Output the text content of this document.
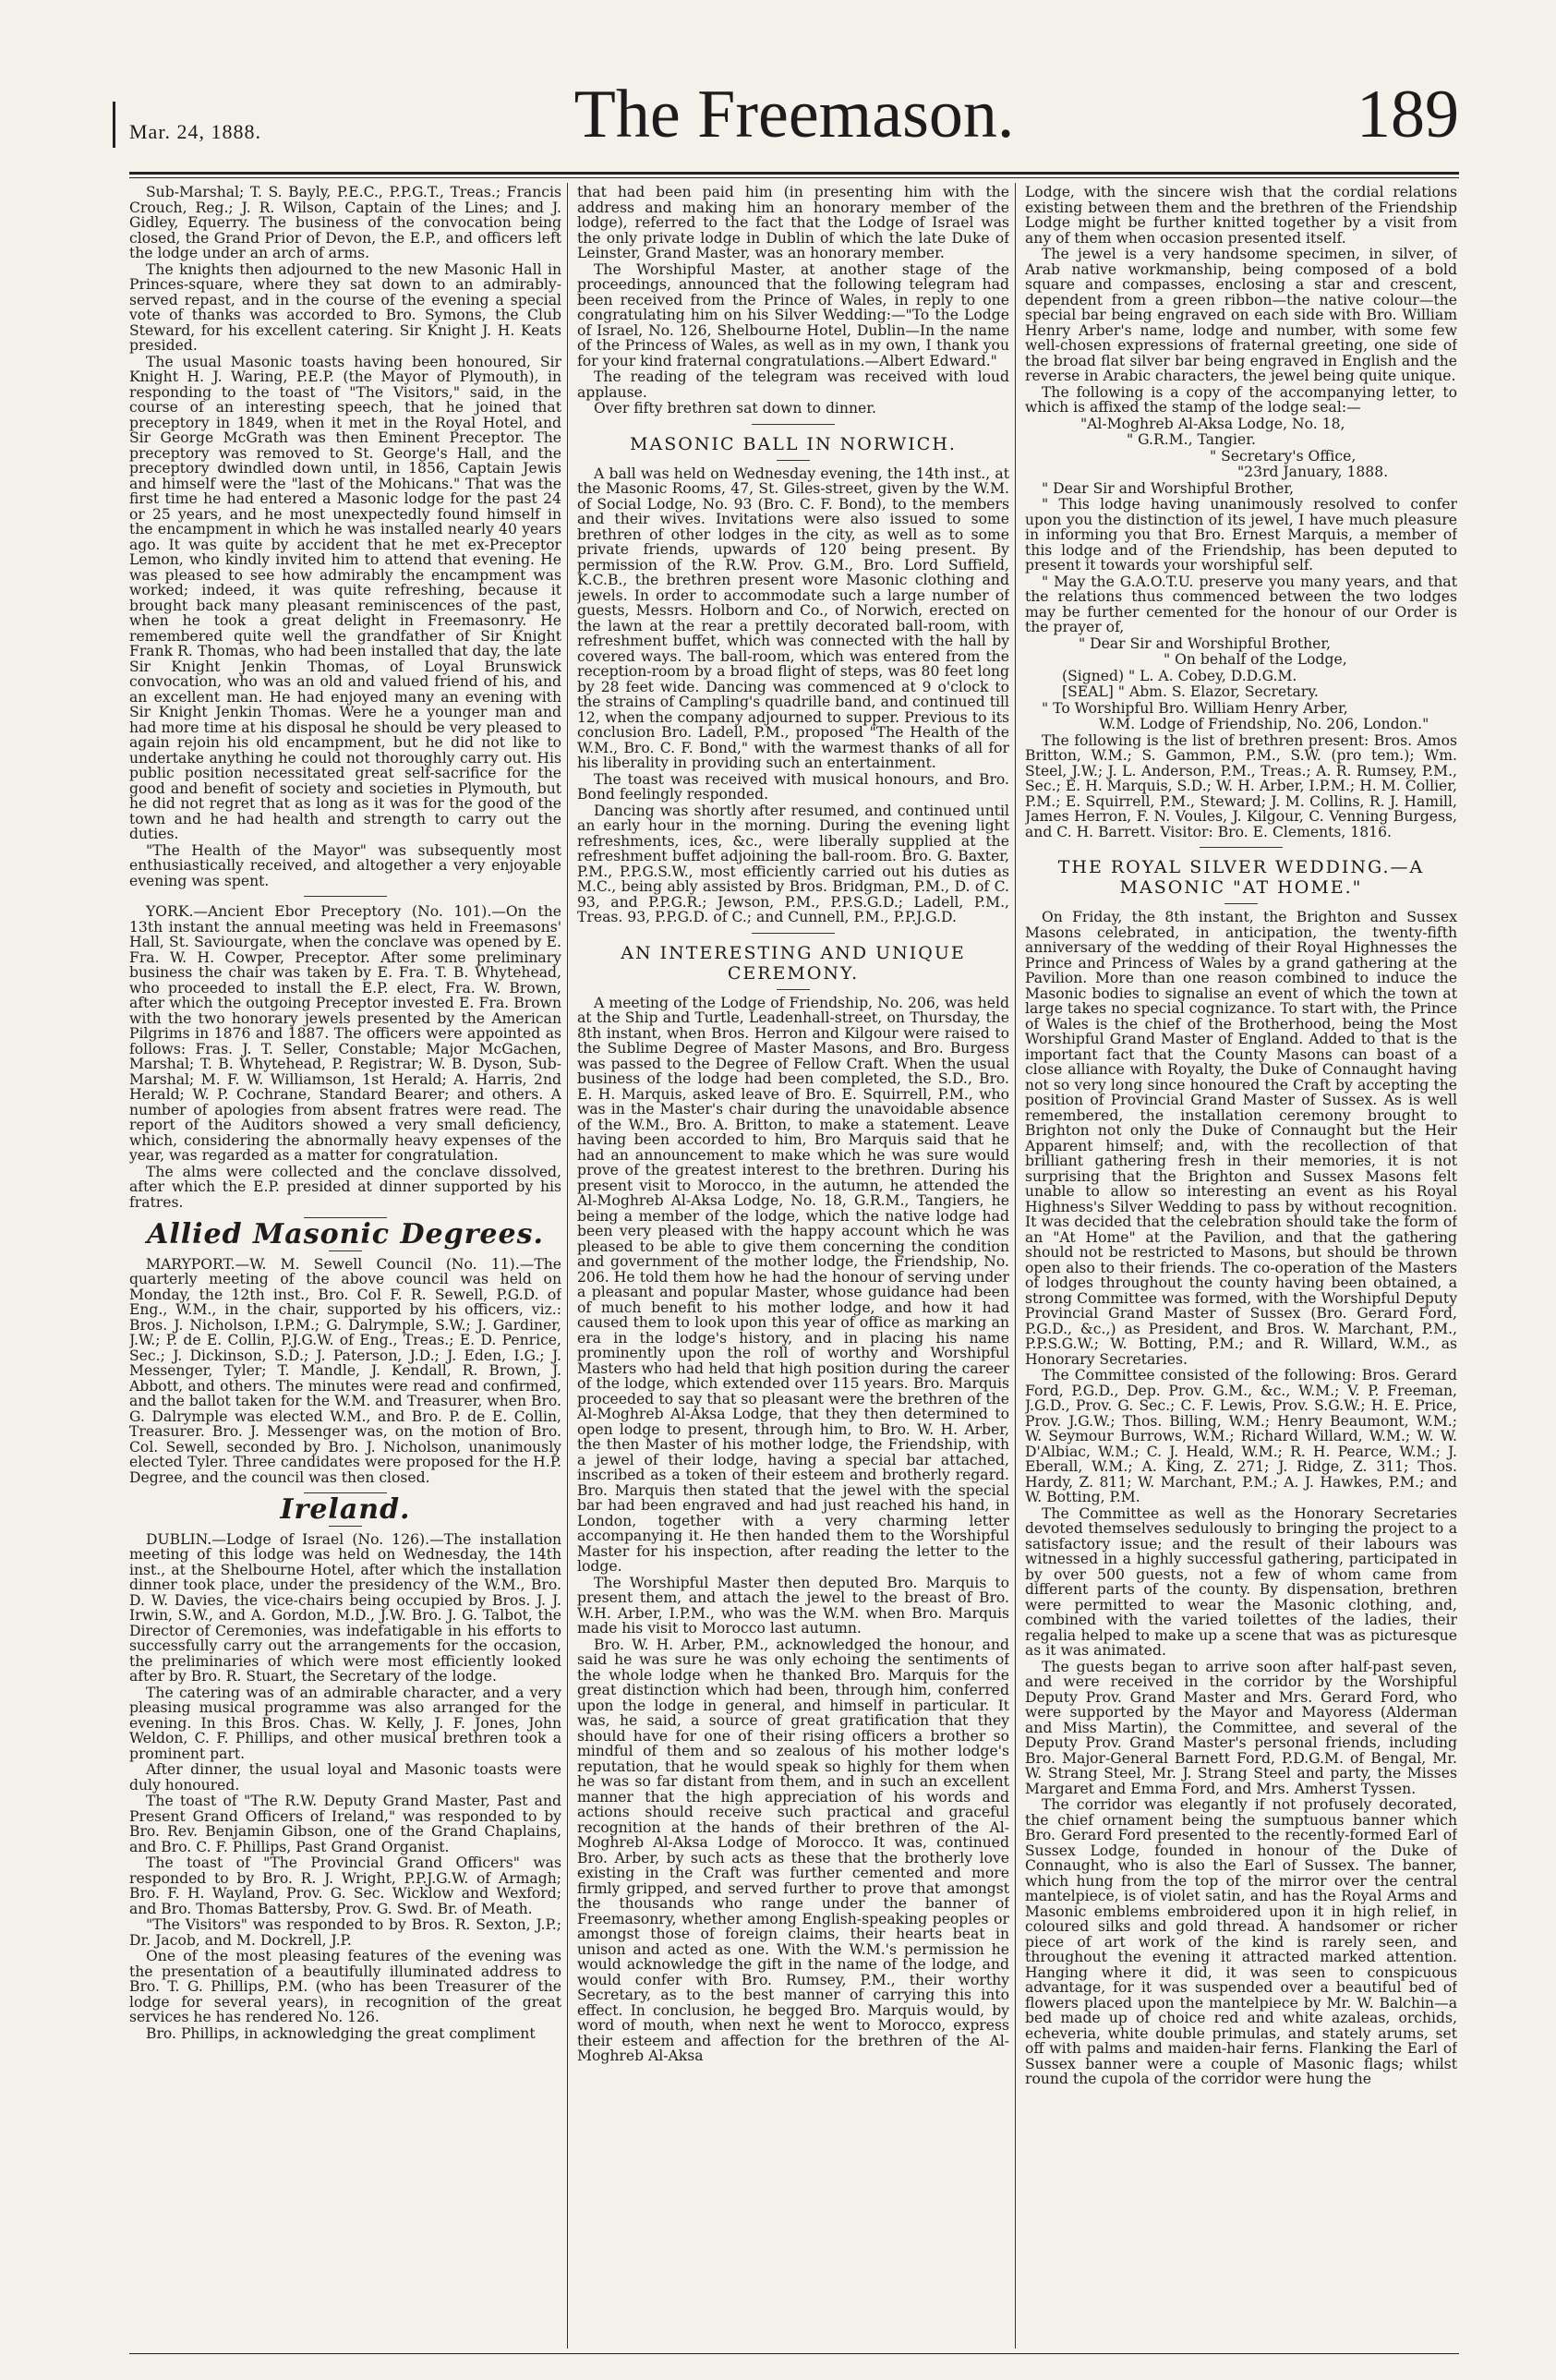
Mar. 24, 1888.	The Freemason.	189

Sub-Marshal; T. S. Bayly, P.E.C., P.P.G.T., Treas.; Francis Crouch, Reg.; J. R. Wilson, Captain of the Lines; and J. Gidley, Equerry. The business of the convocation being closed, the Grand Prior of Devon, the E.P., and officers left the lodge under an arch of arms.

The knights then adjourned to the new Masonic Hall in Princes-square, where they sat down to an admirably-served repast, and in the course of the evening a special vote of thanks was accorded to Bro. Symons, the Club Steward, for his excellent catering. Sir Knight J. H. Keats presided.

The usual Masonic toasts having been honoured, Sir Knight H. J. Waring, P.E.P. (the Mayor of Plymouth), in responding to the toast of "The Visitors," said, in the course of an interesting speech, that he joined that preceptory in 1849, when it met in the Royal Hotel, and Sir George McGrath was then Eminent Preceptor. The preceptory was removed to St. George's Hall, and the preceptory dwindled down until, in 1856, Captain Jewis and himself were the "last of the Mohicans." That was the first time he had entered a Masonic lodge for the past 24 or 25 years, and he most unexpectedly found himself in the encampment in which he was installed nearly 40 years ago. It was quite by accident that he met ex-Preceptor Lemon, who kindly invited him to attend that evening. He was pleased to see how admirably the encampment was worked; indeed, it was quite refreshing, because it brought back many pleasant reminiscences of the past, when he took a great delight in Freemasonry. He remembered quite well the grandfather of Sir Knight Frank R. Thomas, who had been installed that day, the late Sir Knight Jenkin Thomas, of Loyal Brunswick convocation, who was an old and valued friend of his, and an excellent man. He had enjoyed many an evening with Sir Knight Jenkin Thomas. Were he a younger man and had more time at his disposal he should be very pleased to again rejoin his old encampment, but he did not like to undertake anything he could not thoroughly carry out. His public position necessitated great self-sacrifice for the good and benefit of society and societies in Plymouth, but he did not regret that as long as it was for the good of the town and he had health and strength to carry out the duties.

"The Health of the Mayor" was subsequently most enthusiastically received, and altogether a very enjoyable evening was spent.

YORK.—Ancient Ebor Preceptory (No. 101).—On the 13th instant the annual meeting was held in Freemasons' Hall, St. Saviourgate, when the conclave was opened by E. Fra. W. H. Cowper, Preceptor. After some preliminary business the chair was taken by E. Fra. T. B. Whytehead, who proceeded to install the E.P. elect, Fra. W. Brown, after which the outgoing Preceptor invested E. Fra. Brown with the two honorary jewels presented by the American Pilgrims in 1876 and 1887. The officers were appointed as follows: Fras. J. T. Seller, Constable; Major McGachen, Marshal; T. B. Whytehead, P. Registrar; W. B. Dyson, Sub-Marshal; M. F. W. Williamson, 1st Herald; A. Harris, 2nd Herald; W. P. Cochrane, Standard Bearer; and others. A number of apologies from absent fratres were read. The report of the Auditors showed a very small deficiency, which, considering the abnormally heavy expenses of the year, was regarded as a matter for congratulation.

The alms were collected and the conclave dissolved, after which the E.P. presided at dinner supported by his fratres.

Allied Masonic Degrees.

MARYPORT.—W. M. Sewell Council (No. 11).—The quarterly meeting of the above council was held on Monday, the 12th inst., Bro. Col F. R. Sewell, P.G.D. of Eng., W.M., in the chair, supported by his officers, viz.: Bros. J. Nicholson, I.P.M.; G. Dalrymple, S.W.; J. Gardiner, J.W.; P. de E. Collin, P.J.G.W. of Eng., Treas.; E. D. Penrice, Sec.; J. Dickinson, S.D.; J. Paterson, J.D.; J. Eden, I.G.; J. Messenger, Tyler; T. Mandle, J. Kendall, R. Brown, J. Abbott, and others. The minutes were read and confirmed, and the ballot taken for the W.M. and Treasurer, when Bro. G. Dalrymple was elected W.M., and Bro. P. de E. Collin, Treasurer. Bro. J. Messenger was, on the motion of Bro. Col. Sewell, seconded by Bro. J. Nicholson, unanimously elected Tyler. Three candidates were proposed for the H.P. Degree, and the council was then closed.

Ireland.

DUBLIN.—Lodge of Israel (No. 126).—The installation meeting of this lodge was held on Wednesday, the 14th inst., at the Shelbourne Hotel, after which the installation dinner took place, under the presidency of the W.M., Bro. D. W. Davies, the vice-chairs being occupied by Bros. J. J. Irwin, S.W., and A. Gordon, M.D., J.W. Bro. J. G. Talbot, the Director of Ceremonies, was indefatigable in his efforts to successfully carry out the arrangements for the occasion, the preliminaries of which were most efficiently looked after by Bro. R. Stuart, the Secretary of the lodge.

The catering was of an admirable character, and a very pleasing musical programme was also arranged for the evening. In this Bros. Chas. W. Kelly, J. F. Jones, John Weldon, C. F. Phillips, and other musical brethren took a prominent part.

After dinner, the usual loyal and Masonic toasts were duly honoured.

The toast of "The R.W. Deputy Grand Master, Past and Present Grand Officers of Ireland," was responded to by Bro. Rev. Benjamin Gibson, one of the Grand Chaplains, and Bro. C. F. Phillips, Past Grand Organist.

The toast of "The Provincial Grand Officers" was responded to by Bro. R. J. Wright, P.P.J.G.W. of Armagh; Bro. F. H. Wayland, Prov. G. Sec. Wicklow and Wexford; and Bro. Thomas Battersby, Prov. G. Swd. Br. of Meath.

"The Visitors" was responded to by Bros. R. Sexton, J.P.; Dr. Jacob, and M. Dockrell, J.P.

One of the most pleasing features of the evening was the presentation of a beautifully illuminated address to Bro. T. G. Phillips, P.M. (who has been Treasurer of the lodge for several years), in recognition of the great services he has rendered No. 126.

Bro. Phillips, in acknowledging the great compliment

that had been paid him (in presenting him with the address and making him an honorary member of the lodge), referred to the fact that the Lodge of Israel was the only private lodge in Dublin of which the late Duke of Leinster, Grand Master, was an honorary member.

The Worshipful Master, at another stage of the proceedings, announced that the following telegram had been received from the Prince of Wales, in reply to one congratulating him on his Silver Wedding:—"To the Lodge of Israel, No. 126, Shelbourne Hotel, Dublin—In the name of the Princess of Wales, as well as in my own, I thank you for your kind fraternal congratulations.—Albert Edward."

The reading of the telegram was received with loud applause.

Over fifty brethren sat down to dinner.

MASONIC BALL IN NORWICH.

A ball was held on Wednesday evening, the 14th inst., at the Masonic Rooms, 47, St. Giles-street, given by the W.M. of Social Lodge, No. 93 (Bro. C. F. Bond), to the members and their wives. Invitations were also issued to some brethren of other lodges in the city, as well as to some private friends, upwards of 120 being present. By permission of the R.W. Prov. G.M., Bro. Lord Suffield, K.C.B., the brethren present wore Masonic clothing and jewels. In order to accommodate such a large number of guests, Messrs. Holborn and Co., of Norwich, erected on the lawn at the rear a prettily decorated ball-room, with refreshment buffet, which was connected with the hall by covered ways. The ball-room, which was entered from the reception-room by a broad flight of steps, was 80 feet long by 28 feet wide. Dancing was commenced at 9 o'clock to the strains of Campling's quadrille band, and continued till 12, when the company adjourned to supper. Previous to its conclusion Bro. Ladell, P.M., proposed "The Health of the W.M., Bro. C. F. Bond," with the warmest thanks of all for his liberality in providing such an entertainment.

The toast was received with musical honours, and Bro. Bond feelingly responded.

Dancing was shortly after resumed, and continued until an early hour in the morning. During the evening light refreshments, ices, &c., were liberally supplied at the refreshment buffet adjoining the ball-room. Bro. G. Baxter, P.M., P.P.G.S.W., most efficiently carried out his duties as M.C., being ably assisted by Bros. Bridgman, P.M., D. of C. 93, and P.P.G.R.; Jewson, P.M., P.P.S.G.D.; Ladell, P.M., Treas. 93, P.P.G.D. of C.; and Cunnell, P.M., P.P.J.G.D.

AN INTERESTING AND UNIQUE CEREMONY.

A meeting of the Lodge of Friendship, No. 206, was held at the Ship and Turtle, Leadenhall-street, on Thursday, the 8th instant, when Bros. Herron and Kilgour were raised to the Sublime Degree of Master Masons, and Bro. Burgess was passed to the Degree of Fellow Craft. When the usual business of the lodge had been completed, the S.D., Bro. E. H. Marquis, asked leave of Bro. E. Squirrell, P.M., who was in the Master's chair during the unavoidable absence of the W.M., Bro. A. Britton, to make a statement. Leave having been accorded to him, Bro Marquis said that he had an announcement to make which he was sure would prove of the greatest interest to the brethren. During his present visit to Morocco, in the autumn, he attended the Al-Moghreb Al-Aksa Lodge, No. 18, G.R.M., Tangiers, he being a member of the lodge, which the native lodge had been very pleased with the happy account which he was pleased to be able to give them concerning the condition and government of the mother lodge, the Friendship, No. 206. He told them how he had the honour of serving under a pleasant and popular Master, whose guidance had been of much benefit to his mother lodge, and how it had caused them to look upon this year of office as marking an era in the lodge's history, and in placing his name prominently upon the roll of worthy and Worshipful Masters who had held that high position during the career of the lodge, which extended over 115 years. Bro. Marquis proceeded to say that so pleasant were the brethren of the Al-Moghreb Al-Aksa Lodge, that they then determined to open lodge to present, through him, to Bro. W. H. Arber, the then Master of his mother lodge, the Friendship, with a jewel of their lodge, having a special bar attached, inscribed as a token of their esteem and brotherly regard. Bro. Marquis then stated that the jewel with the special bar had been engraved and had just reached his hand, in London, together with a very charming letter accompanying it. He then handed them to the Worshipful Master for his inspection, after reading the letter to the lodge.

The Worshipful Master then deputed Bro. Marquis to present them, and attach the jewel to the breast of Bro. W.H. Arber, I.P.M., who was the W.M. when Bro. Marquis made his visit to Morocco last autumn.

Bro. W. H. Arber, P.M., acknowledged the honour, and said he was sure he was only echoing the sentiments of the whole lodge when he thanked Bro. Marquis for the great distinction which had been, through him, conferred upon the lodge in general, and himself in particular. It was, he said, a source of great gratification that they should have for one of their rising officers a brother so mindful of them and so zealous of his mother lodge's reputation, that he would speak so highly for them when he was so far distant from them, and in such an excellent manner that the high appreciation of his words and actions should receive such practical and graceful recognition at the hands of their brethren of the Al-Moghreb Al-Aksa Lodge of Morocco. It was, continued Bro. Arber, by such acts as these that the brotherly love existing in the Craft was further cemented and more firmly gripped, and served further to prove that amongst the thousands who range under the banner of Freemasonry, whether among English-speaking peoples or amongst those of foreign claims, their hearts beat in unison and acted as one. With the W.M.'s permission he would acknowledge the gift in the name of the lodge, and would confer with Bro. Rumsey, P.M., their worthy Secretary, as to the best manner of carrying this into effect. In conclusion, he begged Bro. Marquis would, by word of mouth, when next he went to Morocco, express their esteem and affection for the brethren of the Al-Moghreb Al-Aksa

Lodge, with the sincere wish that the cordial relations existing between them and the brethren of the Friendship Lodge might be further knitted together by a visit from any of them when occasion presented itself.

The jewel is a very handsome specimen, in silver, of Arab native workmanship, being composed of a bold square and compasses, enclosing a star and crescent, dependent from a green ribbon—the native colour—the special bar being engraved on each side with Bro. William Henry Arber's name, lodge and number, with some few well-chosen expressions of fraternal greeting, one side of the broad flat silver bar being engraved in English and the reverse in Arabic characters, the jewel being quite unique.

The following is a copy of the accompanying letter, to which is affixed the stamp of the lodge seal:—

"Al-Moghreb Al-Aksa Lodge, No. 18,

" G.R.M., Tangier.

" Secretary's Office,

"23rd January, 1888.

" Dear Sir and Worshipful Brother,

" This lodge having unanimously resolved to confer upon you the distinction of its jewel, I have much pleasure in informing you that Bro. Ernest Marquis, a member of this lodge and of the Friendship, has been deputed to present it towards your worshipful self.

" May the G.A.O.T.U. preserve you many years, and that the relations thus commenced between the two lodges may be further cemented for the honour of our Order is the prayer of,

" Dear Sir and Worshipful Brother,

" On behalf of the Lodge,

(Signed) " L. A. Cobey, D.D.G.M.

[SEAL] " Abm. S. Elazor, Secretary.

" To Worshipful Bro. William Henry Arber,

W.M. Lodge of Friendship, No. 206, London."

The following is the list of brethren present: Bros. Amos Britton, W.M.; S. Gammon, P.M., S.W. (pro tem.); Wm. Steel, J.W.; J. L. Anderson, P.M., Treas.; A. R. Rumsey, P.M., Sec.; E. H. Marquis, S.D.; W. H. Arber, I.P.M.; H. M. Collier, P.M.; E. Squirrell, P.M., Steward; J. M. Collins, R. J. Hamill, James Herron, F. N. Voules, J. Kilgour, C. Venning Burgess, and C. H. Barrett. Visitor: Bro. E. Clements, 1816.

THE ROYAL SILVER WEDDING.—A MASONIC "AT HOME."

On Friday, the 8th instant, the Brighton and Sussex Masons celebrated, in anticipation, the twenty-fifth anniversary of the wedding of their Royal Highnesses the Prince and Princess of Wales by a grand gathering at the Pavilion. More than one reason combined to induce the Masonic bodies to signalise an event of which the town at large takes no special cognizance. To start with, the Prince of Wales is the chief of the Brotherhood, being the Most Worshipful Grand Master of England. Added to that is the important fact that the County Masons can boast of a close alliance with Royalty, the Duke of Connaught having not so very long since honoured the Craft by accepting the position of Provincial Grand Master of Sussex. As is well remembered, the installation ceremony brought to Brighton not only the Duke of Connaught but the Heir Apparent himself; and, with the recollection of that brilliant gathering fresh in their memories, it is not surprising that the Brighton and Sussex Masons felt unable to allow so interesting an event as his Royal Highness's Silver Wedding to pass by without recognition. It was decided that the celebration should take the form of an "At Home" at the Pavilion, and that the gathering should not be restricted to Masons, but should be thrown open also to their friends. The co-operation of the Masters of lodges throughout the county having been obtained, a strong Committee was formed, with the Worshipful Deputy Provincial Grand Master of Sussex (Bro. Gerard Ford, P.G.D., &c.,) as President, and Bros. W. Marchant, P.M., P.P.S.G.W.; W. Botting, P.M.; and R. Willard, W.M., as Honorary Secretaries.

The Committee consisted of the following: Bros. Gerard Ford, P.G.D., Dep. Prov. G.M., &c., W.M.; V. P. Freeman, J.G.D., Prov. G. Sec.; C. F. Lewis, Prov. S.G.W.; H. E. Price, Prov. J.G.W.; Thos. Billing, W.M.; Henry Beaumont, W.M.; W. Seymour Burrows, W.M.; Richard Willard, W.M.; W. W. D'Albiac, W.M.; C. J. Heald, W.M.; R. H. Pearce, W.M.; J. Eberall, W.M.; A. King, Z. 271; J. Ridge, Z. 311; Thos. Hardy, Z. 811; W. Marchant, P.M.; A. J. Hawkes, P.M.; and W. Botting, P.M.

The Committee as well as the Honorary Secretaries devoted themselves sedulously to bringing the project to a satisfactory issue; and the result of their labours was witnessed in a highly successful gathering, participated in by over 500 guests, not a few of whom came from different parts of the county. By dispensation, brethren were permitted to wear the Masonic clothing, and, combined with the varied toilettes of the ladies, their regalia helped to make up a scene that was as picturesque as it was animated.

The guests began to arrive soon after half-past seven, and were received in the corridor by the Worshipful Deputy Prov. Grand Master and Mrs. Gerard Ford, who were supported by the Mayor and Mayoress (Alderman and Miss Martin), the Committee, and several of the Deputy Prov. Grand Master's personal friends, including Bro. Major-General Barnett Ford, P.D.G.M. of Bengal, Mr. W. Strang Steel, Mr. J. Strang Steel and party, the Misses Margaret and Emma Ford, and Mrs. Amherst Tyssen.

The corridor was elegantly if not profusely decorated, the chief ornament being the sumptuous banner which Bro. Gerard Ford presented to the recently-formed Earl of Sussex Lodge, founded in honour of the Duke of Connaught, who is also the Earl of Sussex. The banner, which hung from the top of the mirror over the central mantelpiece, is of violet satin, and has the Royal Arms and Masonic emblems embroidered upon it in high relief, in coloured silks and gold thread. A handsomer or richer piece of art work of the kind is rarely seen, and throughout the evening it attracted marked attention. Hanging where it did, it was seen to conspicuous advantage, for it was suspended over a beautiful bed of flowers placed upon the mantelpiece by Mr. W. Balchin—a bed made up of choice red and white azaleas, orchids, echeveria, white double primulas, and stately arums, set off with palms and maiden-hair ferns. Flanking the Earl of Sussex banner were a couple of Masonic flags; whilst round the cupola of the corridor were hung the
